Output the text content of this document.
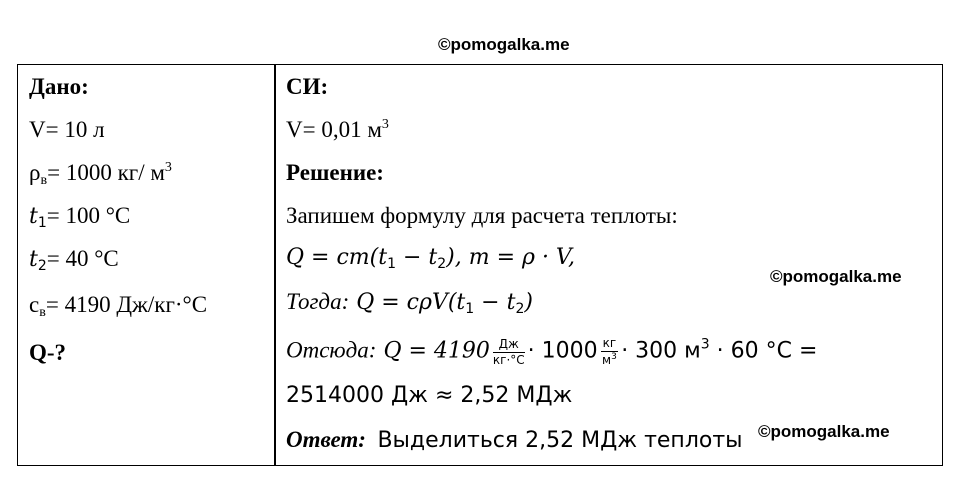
©pomogalka.me
Дано:
V= 10 л
$\rho_в= 1000$ кг/ $м^3$
$t_1= 100$ °С
$t_2= 40$ °С
$с_в= 4190$ Дж/кг·°С
Q-?
СИ:
V= 0,01 $м^3$
Решение:
Запишем формулу для расчета теплоты:
$Q = cm(t_1 - t_2)$, m = ρ · V,
Тогда: $Q = c\rho V(t_1 - t_2)$
Отсюда: $Q = 4190 \frac{Дж}{кг\cdot^\circ С} \cdot 1000 \frac{кг}{м^3} \cdot 300$ $м^3 \cdot 60$ °С =
2514000 Дж ≈ 2,52 МДж
Ответ: Выделиться 2,52 МДж теплоты
©pomogalka.me
©pomogalka.me
